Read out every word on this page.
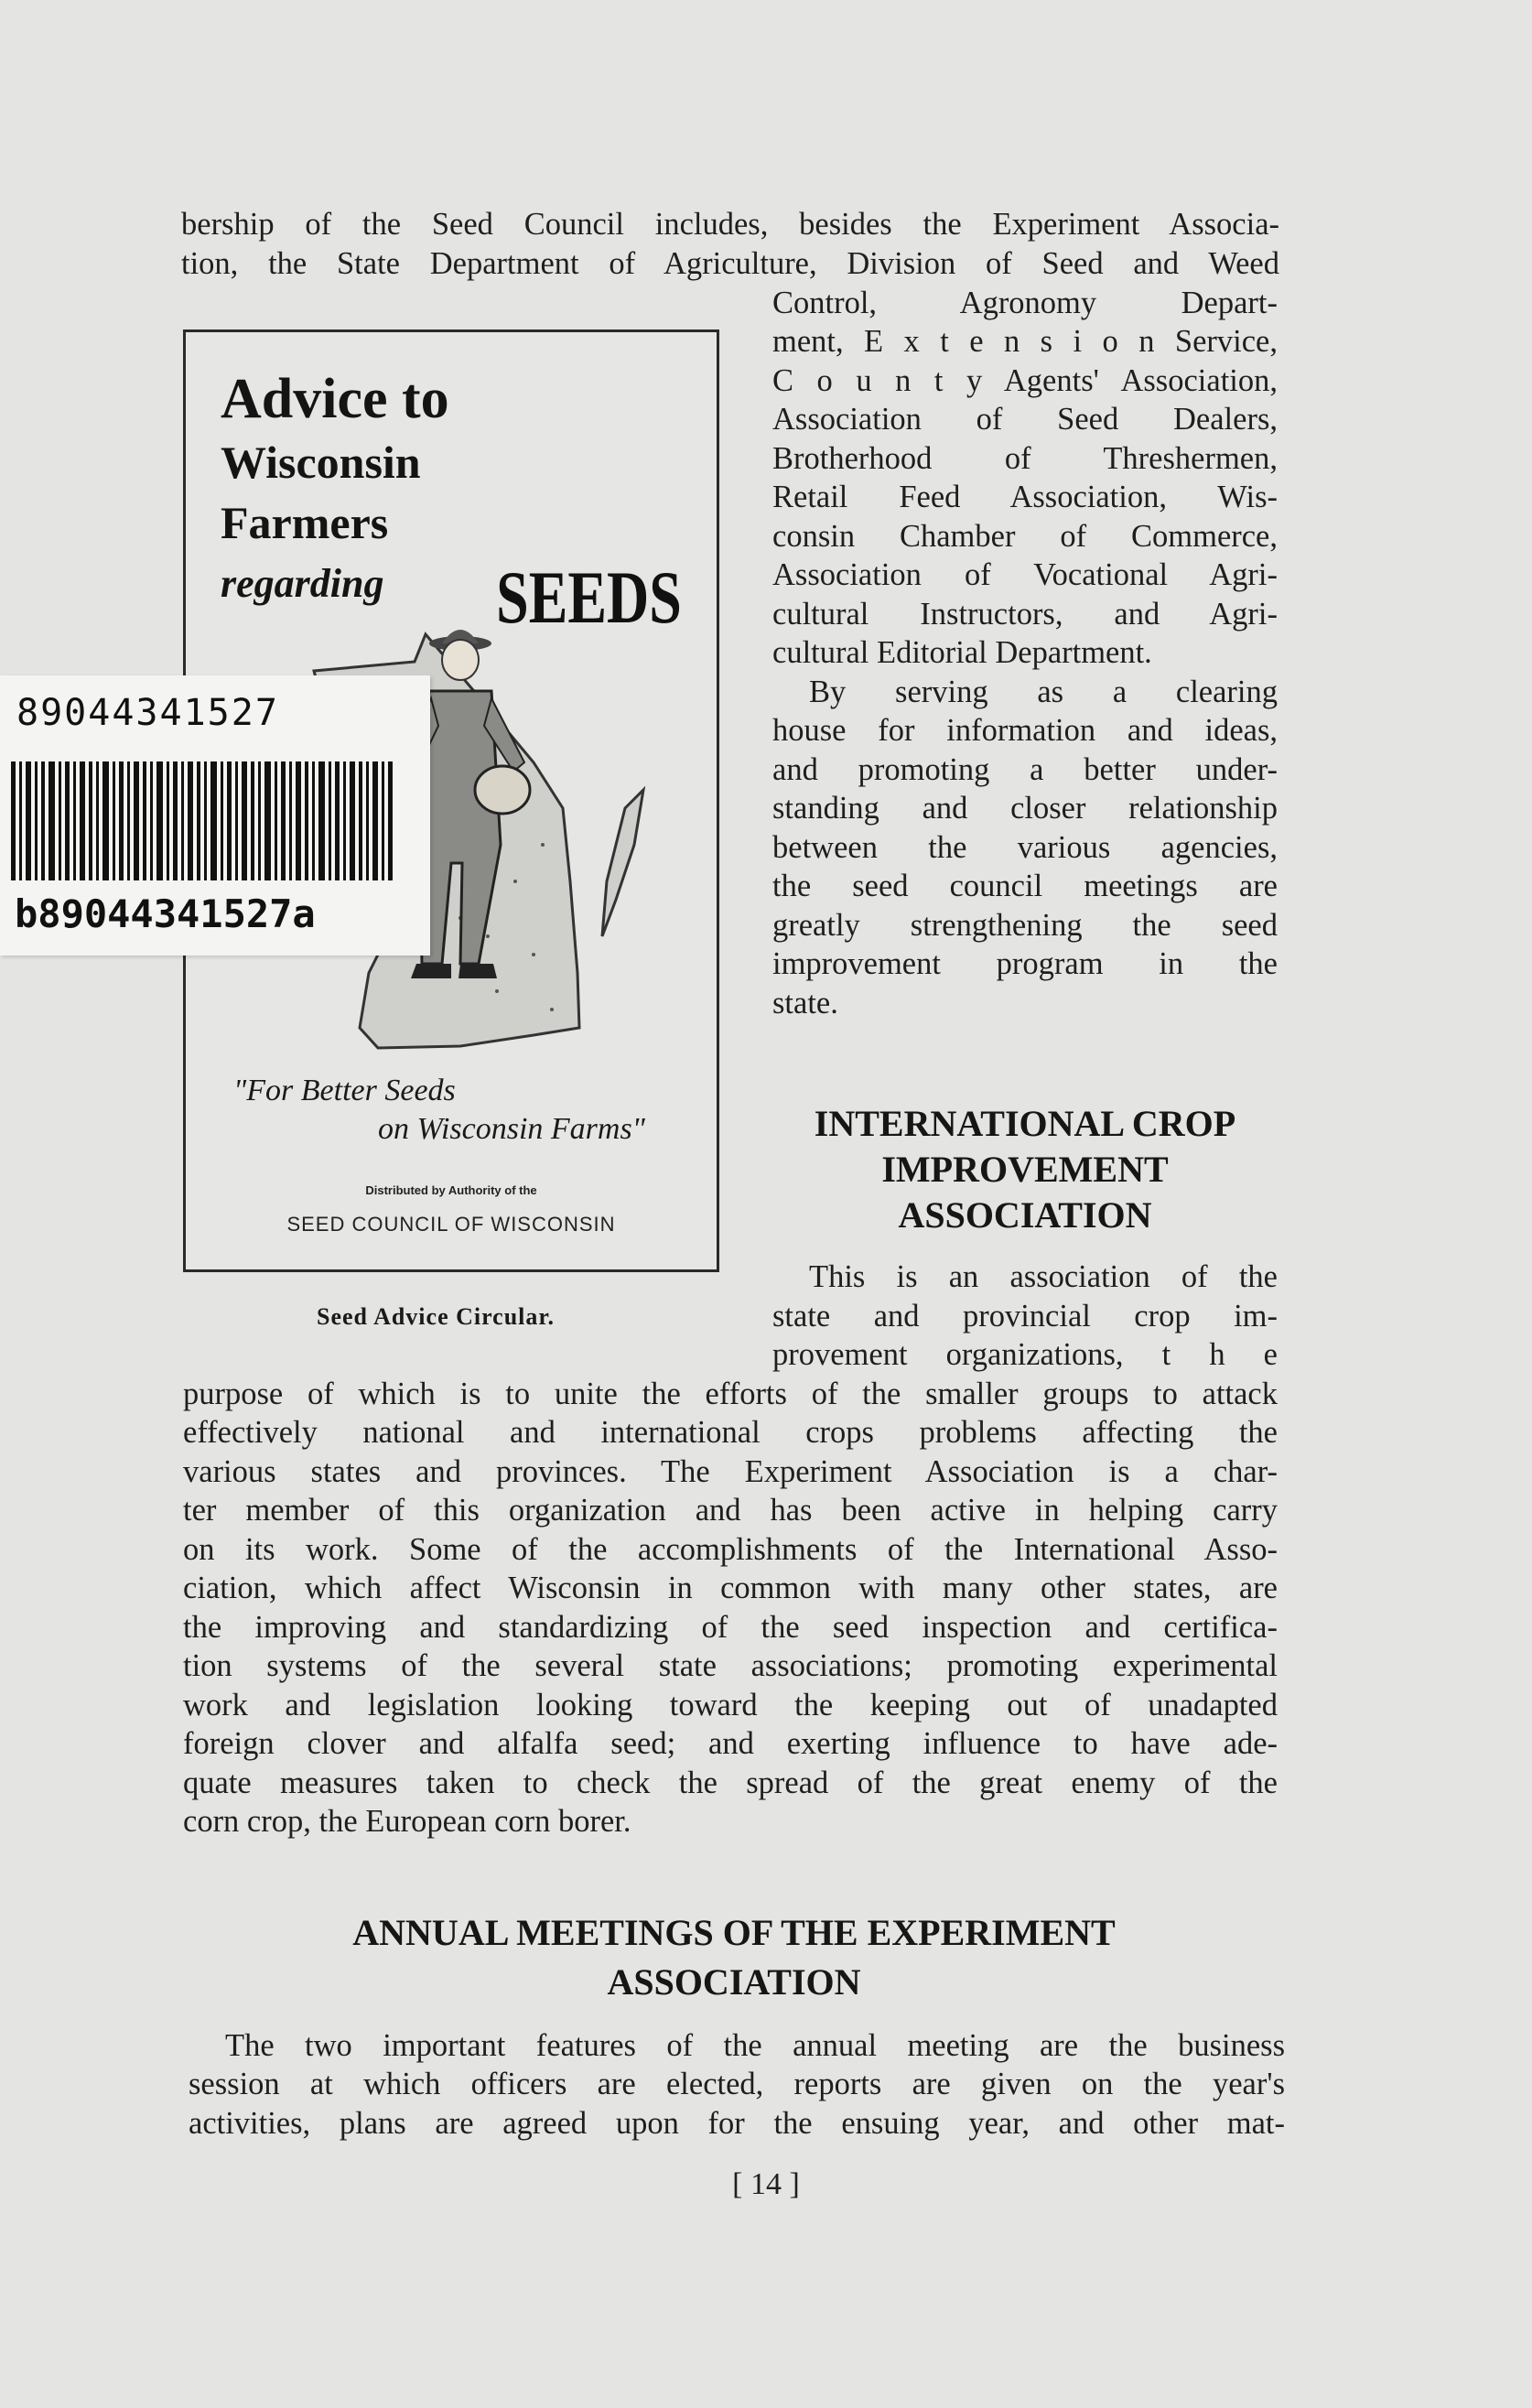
bership of the Seed Council includes, besides the Experiment Associa-

tion, the State Department of Agriculture, Division of Seed and Weed

Control, Agronomy Depart-

ment, E x t e n s i o n Service,

C o u n t y Agents' Association,

Association of Seed Dealers,

Brotherhood of Threshermen,

Retail Feed Association, Wis-

consin Chamber of Commerce,

Association of Vocational Agri-

cultural Instructors, and Agri-

cultural Editorial Department.

By serving as a clearing

house for information and ideas,

and promoting a better under-

standing and closer relationship

between the various agencies,

the seed council meetings are

greatly strengthening the seed

improvement program in the

state.

INTERNATIONAL CROP

IMPROVEMENT

ASSOCIATION

This is an association of the

state and provincial crop im-

provement organizations, t h e

purpose of which is to unite the efforts of the smaller groups to attack

effectively national and international crops problems affecting the

various states and provinces. The Experiment Association is a char-

ter member of this organization and has been active in helping carry

on its work. Some of the accomplishments of the International Asso-

ciation, which affect Wisconsin in common with many other states, are

the improving and standardizing of the seed inspection and certifica-

tion systems of the several state associations; promoting experimental

work and legislation looking toward the keeping out of unadapted

foreign clover and alfalfa seed; and exerting influence to have ade-

quate measures taken to check the spread of the great enemy of the

corn crop, the European corn borer.

ANNUAL MEETINGS OF THE EXPERIMENT

ASSOCIATION

The two important features of the annual meeting are the business

session at which officers are elected, reports are given on the year's

activities, plans are agreed upon for the ensuing year, and other mat-

Advice to

Wisconsin

Farmers

regarding SEEDS
"For Better Seeds
on Wisconsin Farms"
Distributed by Authority of the
SEED COUNCIL OF WISCONSIN
Seed Advice Circular.
89044341527
b89044341527a
[ 14 ]
